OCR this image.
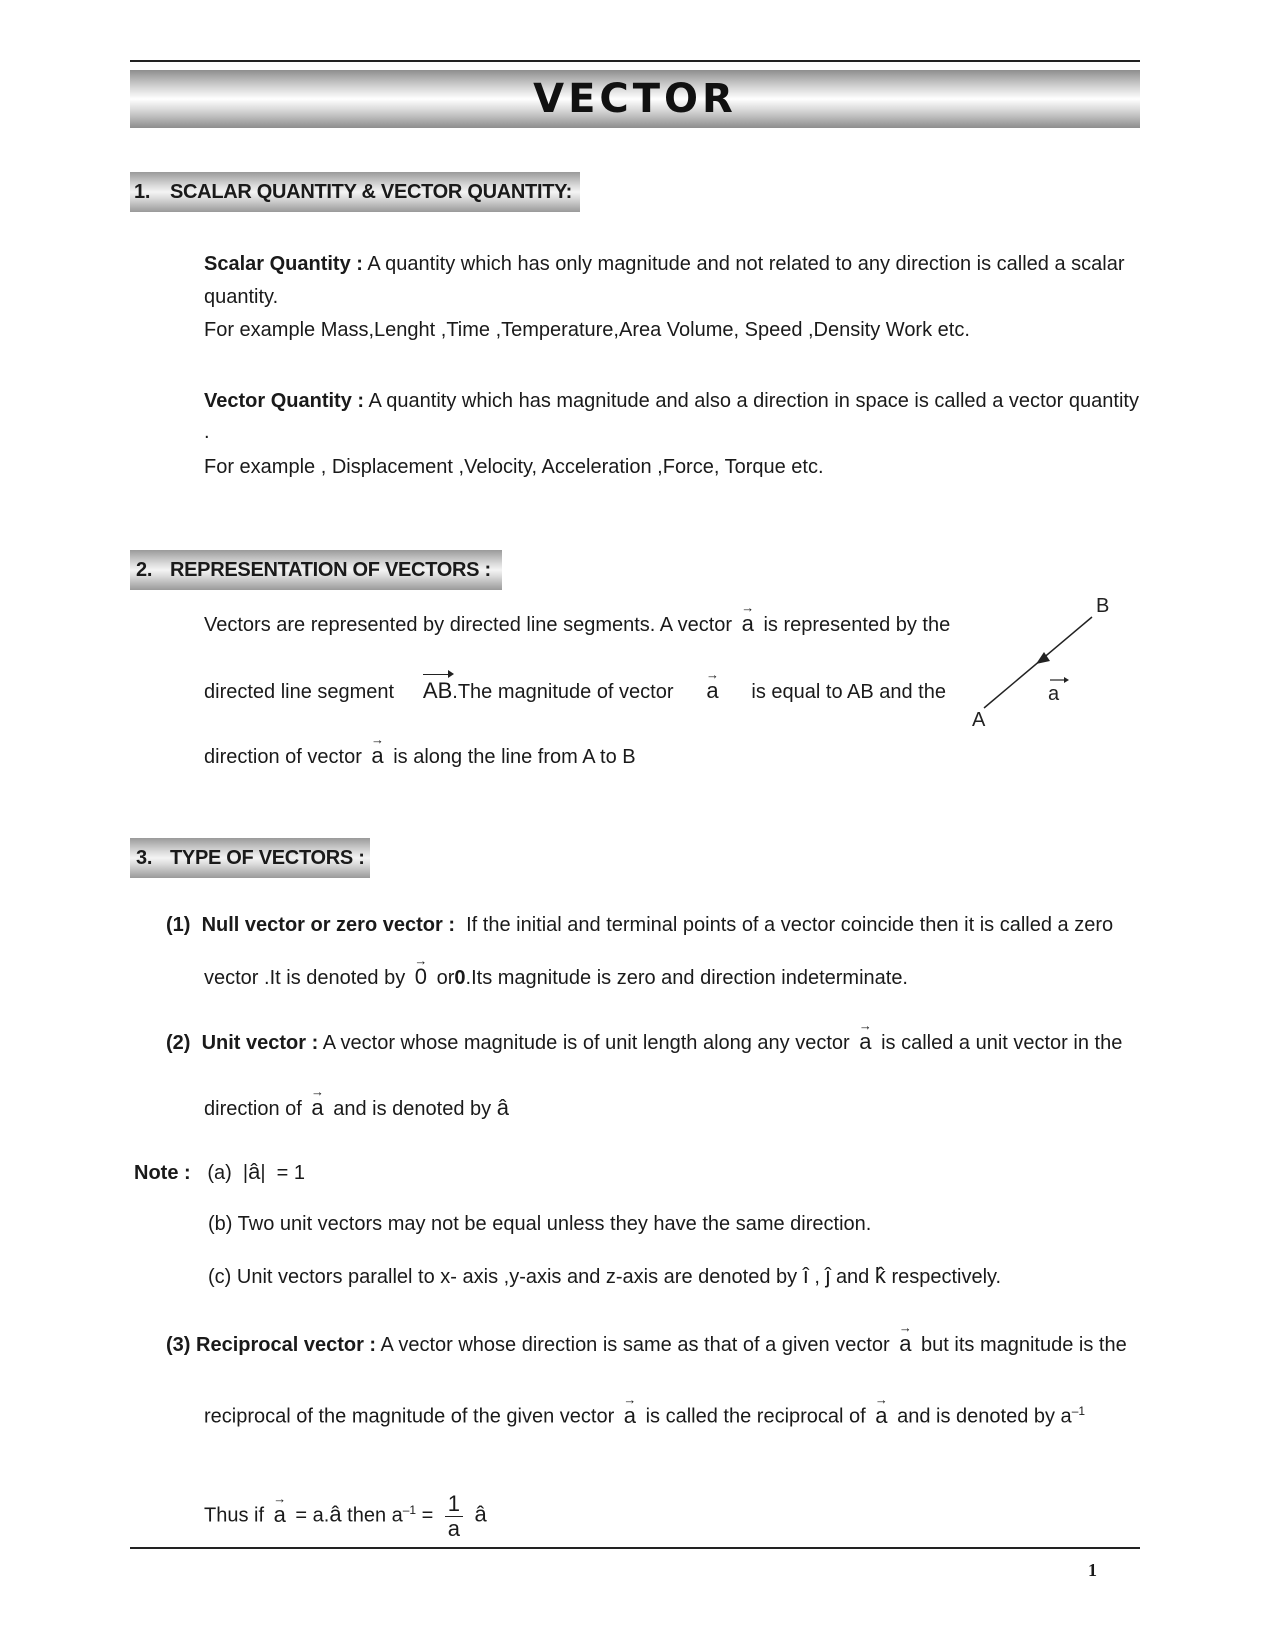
VECTOR
1. SCALAR QUANTITY & VECTOR QUANTITY:
Scalar Quantity : A quantity which has only magnitude and not related to any direction is called a scalar
quantity.
For example Mass,Lenght ,Time ,Temperature,Area Volume, Speed ,Density Work etc.
Vector Quantity : A quantity which has magnitude and also a direction in space is called a vector quantity
.
For example , Displacement ,Velocity, Acceleration ,Force, Torque etc.
2. REPRESENTATION OF VECTORS :
Vectors are represented by directed line segments. A vector → a is represented by the
directed line segment AB.The magnitude of vector → a is equal to AB and the
direction of vector → a is along the line from A to B
A
B
a
3. TYPE OF VECTORS :
(1) Null vector or zero vector : If the initial and terminal points of a vector coincide then it is called a zero
vector .It is denoted by → 0 or0.Its magnitude is zero and direction indeterminate.
(2) Unit vector : A vector whose magnitude is of unit length along any vector → a is called a unit vector in the
direction of → a and is denoted by â
Note : (a)  |â|  = 1
(b) Two unit vectors may not be equal unless they have the same direction.
(c) Unit vectors parallel to x- axis ,y-axis and z-axis are denoted by î , ĵ and k̂ respectively.
(3) Reciprocal vector : A vector whose direction is same as that of a given vector → a but its magnitude is the
reciprocal of the magnitude of the given vector → a is called the reciprocal of → a and is denoted by $a^{-1}$
Thus if → a = a.â then $a^{-1} = \frac{1}{a}$ â
1
